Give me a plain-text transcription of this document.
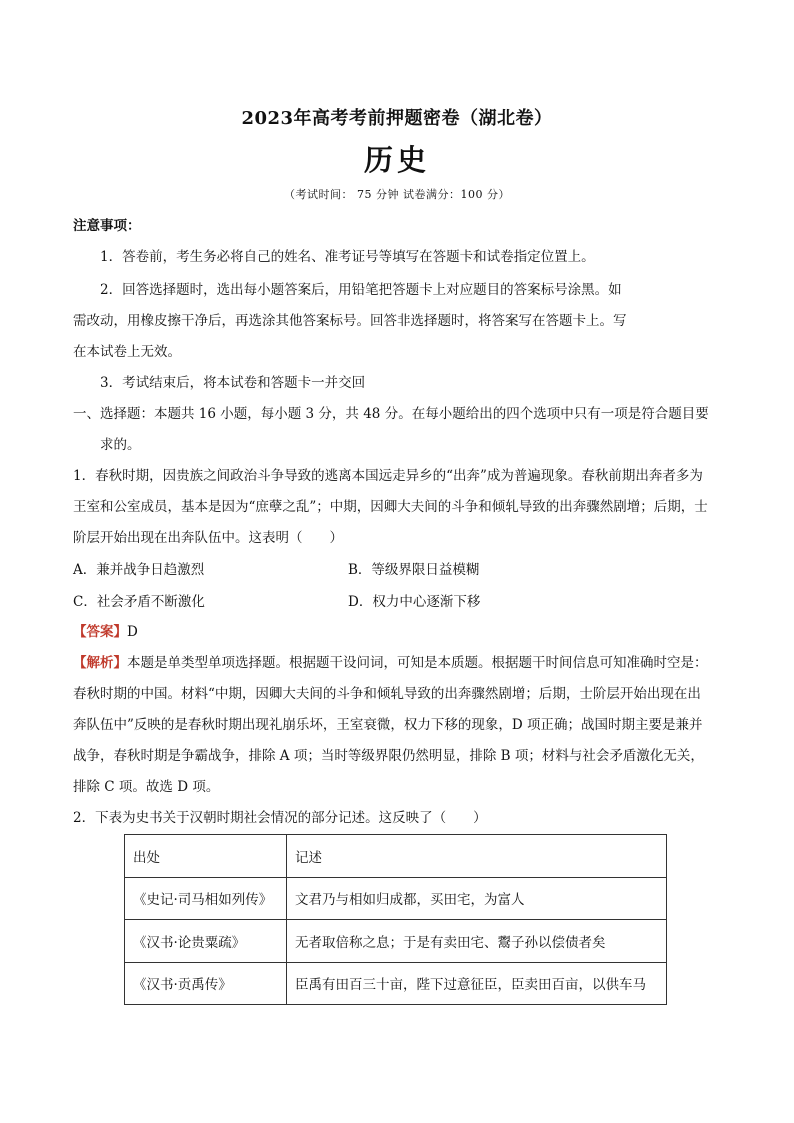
2023年高考考前押题密卷（湖北卷）
历史
（考试时间： 75 分钟 试卷满分：100 分）
注意事项：
1．答卷前，考生务必将自己的姓名、准考证号等填写在答题卡和试卷指定位置上。
2．回答选择题时，选出每小题答案后，用铅笔把答题卡上对应题目的答案标号涂黑。如
需改动，用橡皮擦干净后，再选涂其他答案标号。回答非选择题时，将答案写在答题卡上。写
在本试卷上无效。
3．考试结束后，将本试卷和答题卡一并交回
一、选择题：本题共 16 小题，每小题 3 分，共 48 分。在每小题给出的四个选项中只有一项是符合题目要
求的。
1．春秋时期，因贵族之间政治斗争导致的逃离本国远走异乡的“出奔”成为普遍现象。春秋前期出奔者多为
王室和公室成员，基本是因为“庶孽之乱”；中期，因卿大夫间的斗争和倾轧导致的出奔骤然剧增；后期，士
阶层开始出现在出奔队伍中。这表明（　　）
A．兼并战争日趋激烈	B．等级界限日益模糊
C．社会矛盾不断激化	D．权力中心逐渐下移
【答案】D
【解析】本题是单类型单项选择题。根据题干设问词，可知是本质题。根据题干时间信息可知准确时空是：
春秋时期的中国。材料“中期，因卿大夫间的斗争和倾轧导致的出奔骤然剧增；后期，士阶层开始出现在出
奔队伍中”反映的是春秋时期出现礼崩乐坏，王室衰微，权力下移的现象，D 项正确；战国时期主要是兼并
战争，春秋时期是争霸战争，排除 A 项；当时等级界限仍然明显，排除 B 项；材料与社会矛盾激化无关，
排除 C 项。故选 D 项。
2．下表为史书关于汉朝时期社会情况的部分记述。这反映了（　　）
出处	记述
《史记·司马相如列传》	文君乃与相如归成都，买田宅，为富人
《汉书·论贵粟疏》	无者取倍称之息；于是有卖田宅、鬻子孙以偿债者矣
《汉书·贡禹传》	臣禹有田百三十亩，陛下过意征臣，臣卖田百亩，以供车马
